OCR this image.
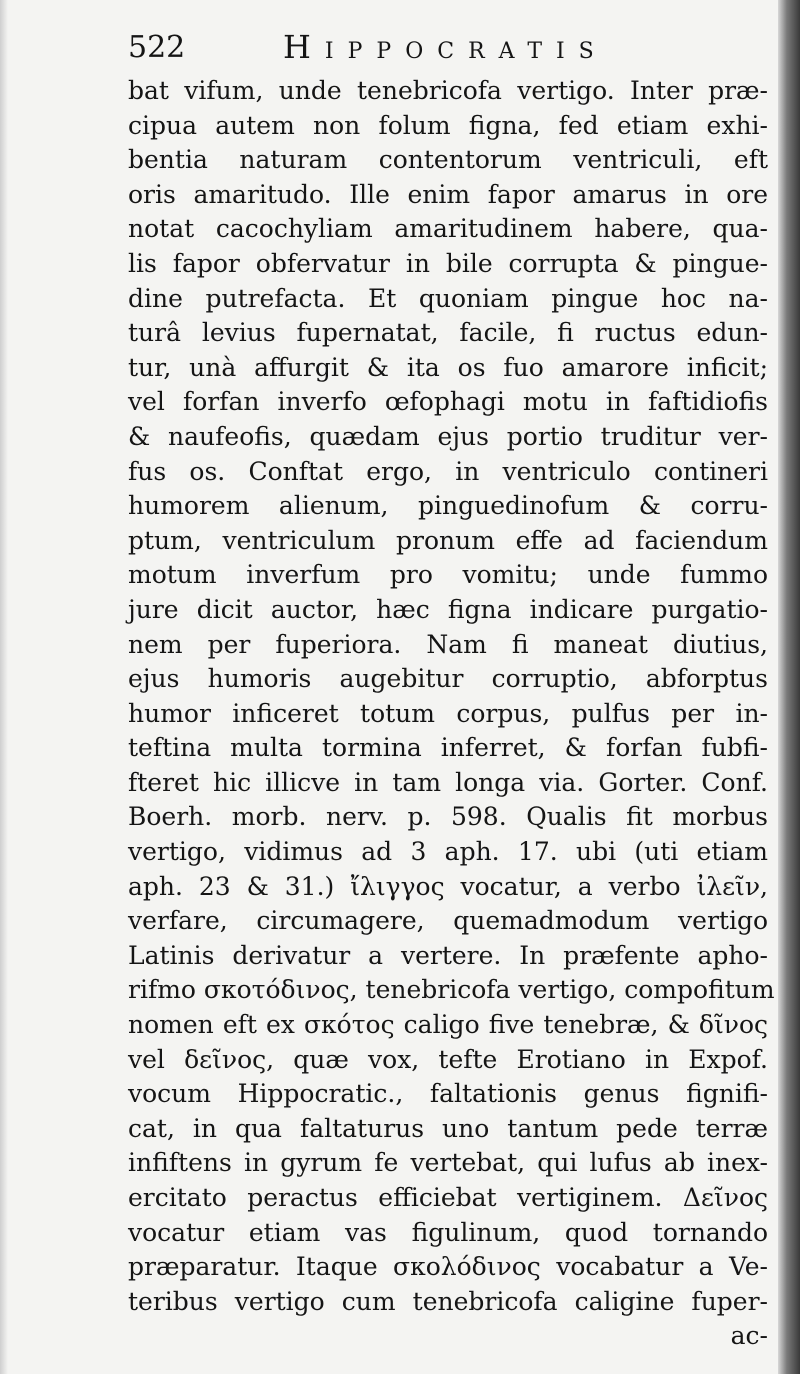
522	Hippocratis
bat vifum, unde tenebricofa vertigo. Inter præ-
cipua autem non folum figna, fed etiam exhi-
bentia naturam contentorum ventriculi, eft
oris amaritudo. Ille enim fapor amarus in ore
notat cacochyliam amaritudinem habere, qua-
lis fapor obfervatur in bile corrupta & pingue-
dine putrefacta. Et quoniam pingue hoc na-
turâ levius fupernatat, facile, fi ructus edun-
tur, unà affurgit & ita os fuo amarore inficit;
vel forfan inverfo œfophagi motu in faftidiofis
& naufeofis, quædam ejus portio truditur ver-
fus os. Conftat ergo, in ventriculo contineri
humorem alienum, pinguedinofum & corru-
ptum, ventriculum pronum effe ad faciendum
motum inverfum pro vomitu; unde fummo
jure dicit auctor, hæc figna indicare purgatio-
nem per fuperiora. Nam fi maneat diutius,
ejus humoris augebitur corruptio, abforptus
humor inficeret totum corpus, pulfus per in-
teftina multa tormina inferret, & forfan fubfi-
fteret hic illicve in tam longa via. Gorter. Conf.
Boerh. morb. nerv. p. 598. Qualis fit morbus
vertigo, vidimus ad 3 aph. 17. ubi (uti etiam
aph. 23 & 31.) ἴλιγγος vocatur, a verbo ἰλεῖν,
verfare, circumagere, quemadmodum vertigo
Latinis derivatur a vertere. In præfente apho-
rifmo σκοτόδινος, tenebricofa vertigo, compofitum
nomen eft ex σκότος caligo five tenebræ, & δῖνος
vel δεῖνος, quæ vox, tefte Erotiano in Expof.
vocum Hippocratic., faltationis genus fignifi-
cat, in qua faltaturus uno tantum pede terræ
infiftens in gyrum fe vertebat, qui lufus ab inex-
ercitato peractus efficiebat vertiginem. Δεῖνος
vocatur etiam vas figulinum, quod tornando
præparatur. Itaque σκολόδινος vocabatur a Ve-
teribus vertigo cum tenebricofa caligine fuper-
ac-
